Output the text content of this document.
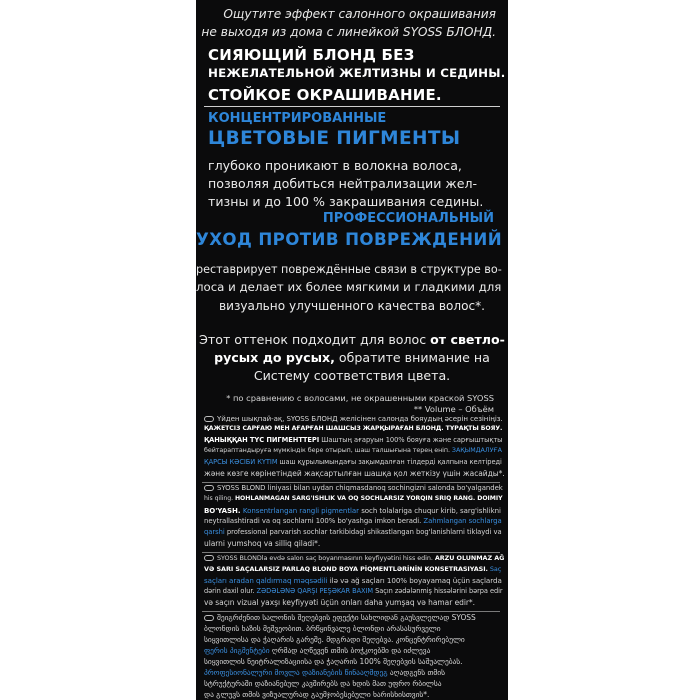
Ощутите эффект салонного окрашивания
не выходя из дома с линейкой SYOSS БЛОНД.
СИЯЮЩИЙ БЛОНД БЕЗ
НЕЖЕЛАТЕЛЬНОЙ ЖЕЛТИЗНЫ И СЕДИНЫ.
СТОЙКОЕ ОКРАШИВАНИЕ.
КОНЦЕНТРИРОВАННЫЕ
ЦВЕТОВЫЕ ПИГМЕНТЫ
глубоко проникают в волокна волоса,
позволяя добиться нейтрализации жел-
тизны и до 100 % закрашивания седины.
ПРОФЕССИОНАЛЬНЫЙ
УХОД ПРОТИВ ПОВРЕЖДЕНИЙ
реставрирует повреждённые связи в структуре во-
лоса и делает их более мягкими и гладкими для
визуально улучшенного качества волос*.
Этот оттенок подходит для волос от светло-
русых до русых, обратите внимание на
Систему соответствия цвета.
* по сравнению с волосами, не окрашенными краской SYOSS
** Volume – Объём
Үйден шықпай-ақ, SYOSS БЛОНД желісінен салонда бояудың әсерін сезініңіз.
ҚАЖЕТСІЗ САРҒАЮ МЕН АҒАРҒАН ШАШСЫЗ ЖАРҚЫРАҒАН БЛОНД. ТҰРАҚТЫ БОЯУ.
ҚАНЫҚҚАН ТҮС ПИГМЕНТТЕРІ Шаштың ағаруын 100% бояуға және сарғыштықты
бейтараптандыруға мүмкіндік бере отырып, шаш талшығына терең еніп. ЗАҚЫМДАЛУҒА
ҚАРСЫ КӘСІБИ КҮТІМ шаш құрылымындағы зақымдалған тілдерді қалпына келтіреді
және көзге көрінетіндей жақсартылған шашқа қол жеткізу үшін жасайды*.
SYOSS BLOND liniyasi bilan uydan chiqmasdanoq sochingizni salonda bo'yalgandek
his qiling. HOHLANMAGAN SARG'ISHLIK VA OQ SOCHLARSIZ YORQIN SRIQ RANG. DOIMIY
BO'YASH. Konsentrlangan rangli pigmentlar soch tolalariga chuqur kirib, sarg'ishlikni
neytrallashtiradi va oq sochlarni 100% bo'yashga imkon beradi. Zahmlangan sochlarga
qarshi professional parvarish sochlar tarkibidagi shikastlangan bog'lanishlarni tiklaydi va
ularni yumshoq va silliq qiladi*.
SYOSS BLONDla evdə salon saç boyanmasının keyfiyyətini hiss edin. ARZU OLUNMAZ AĞ
VƏ SARI SAÇALARSIZ PARLAQ BLOND BOYA PİQMENTLƏRİNİN KONSETRASIYASI. Saç
saçları aradan qaldırmaq məqsədili ilə və ağ saçları 100% boyayamaq üçün saçlarda
dərin daxil olur. ZƏDƏLƏNƏ QARŞI PEŞƏKAR BAXIM Saçın zədələnmiş hissələrini bərpa edir
və saçın vizual yaxşı keyfiyyəti üçün onları daha yumşaq və hamar edir*.
შეიგრძენით სალონის შეღებვის ეფექტი სახლიდან გაუსვლელად SYOSS
ბლონდის ხაზის მეშვეობით. ბრწყინვალე ბლონდი არასასურველი
სიყვითლისა და ჭაღარის გარეშე. მდგრადი შეღებვა. კონცენტრირებული
ფერის პიგმენტები ღრმად აღწევენ თმის ბოჭკოებში და იძლევა
სიყვითლის ნეიტრალიზაციისა და ჭაღარის 100% შეღებვის საშუალებას.
პროფესიონალური მოვლა დაზიანების წინააღმდეგ აღადგენს თმის
სტრუქტურაში დაზიანებულ კავშირებს და ხდის მათ უფრო რბილსა
და გლუვს თმის ვიზუალურად გაუმჯობესებული ხარისხისთვის*.
